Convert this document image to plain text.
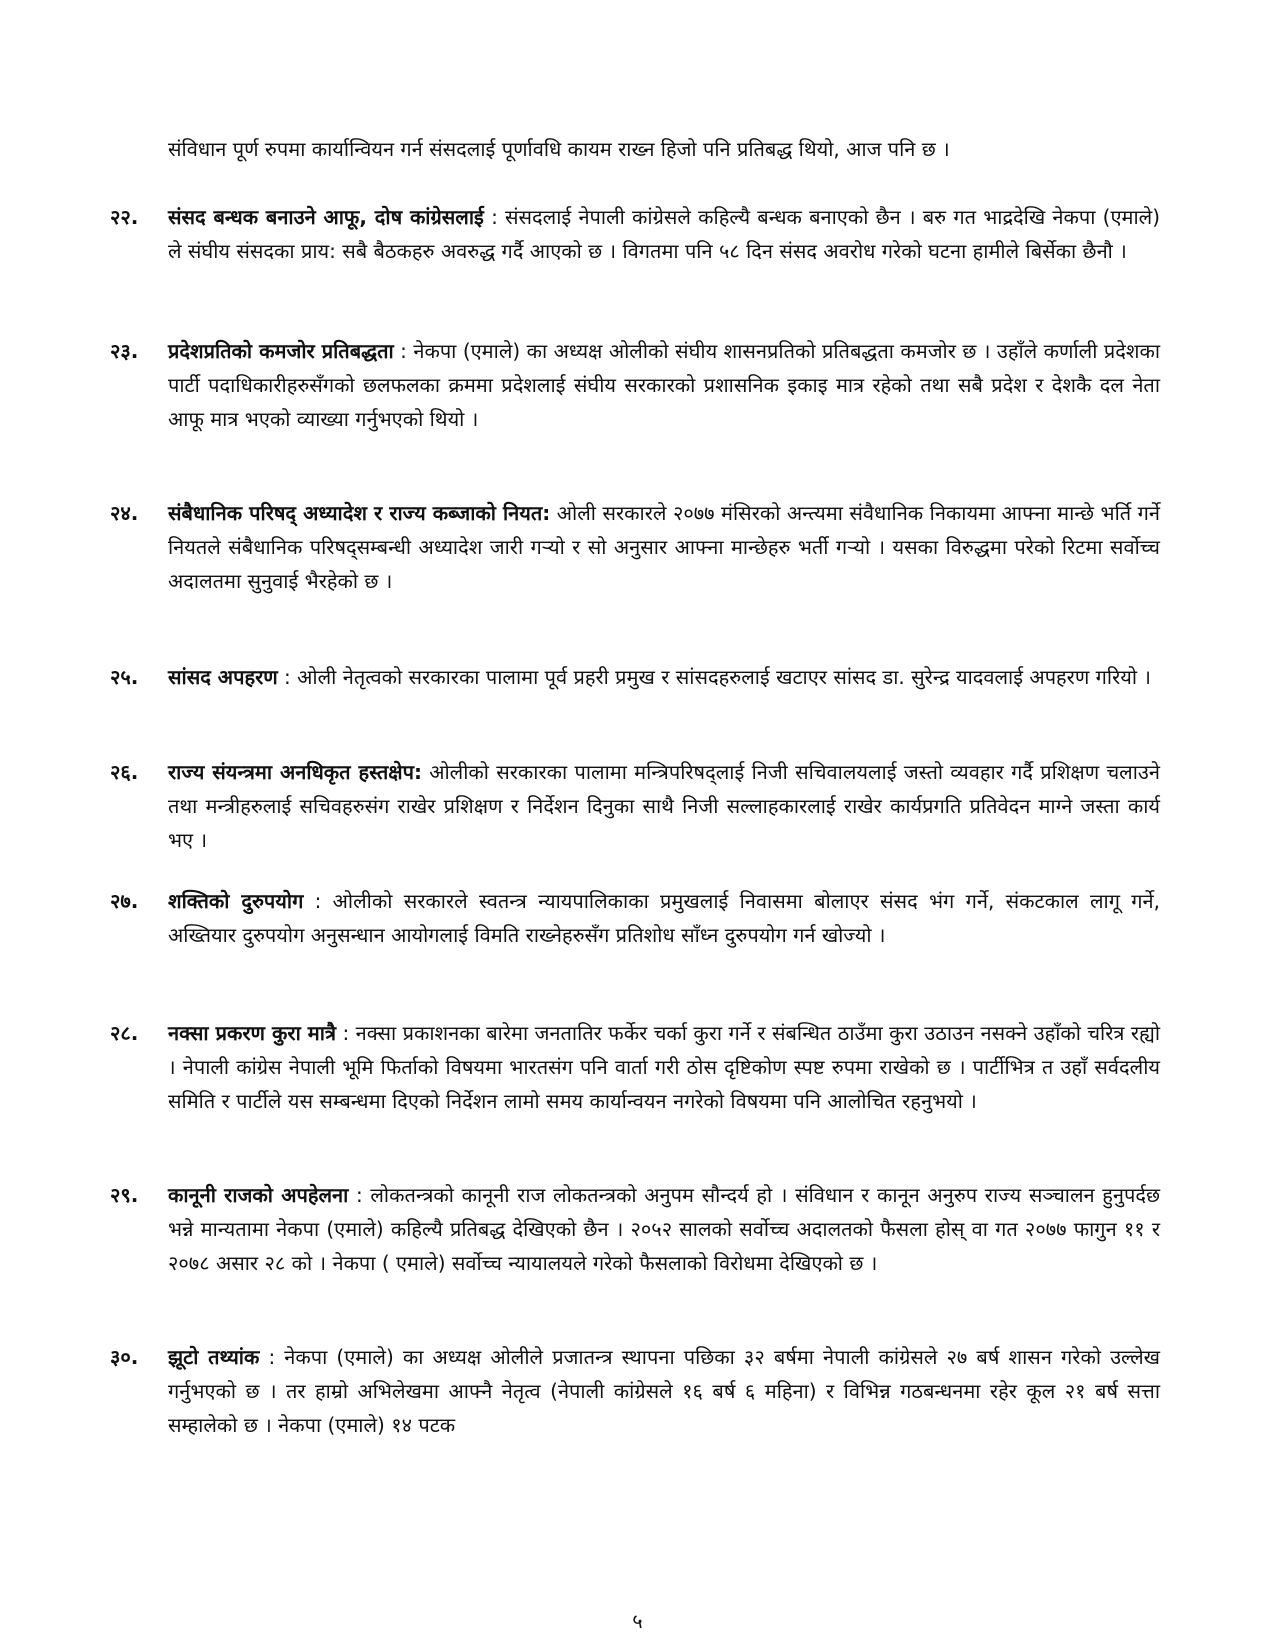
संविधान पूर्ण रुपमा कार्यान्वियन गर्न संसदलाई पूर्णावधि कायम राख्न हिजो पनि प्रतिबद्ध थियो, आज पनि छ ।

२२.	संसद बन्धक बनाउने आफू, दोष कांग्रेसलाई : संसदलाई नेपाली कांग्रेसले कहिल्यै बन्धक बनाएको छैन । बरु गत भाद्रदेखि नेकपा (एमाले) ले संघीय संसदका प्राय: सबै बैठकहरु अवरुद्ध गर्दै आएको छ । विगतमा पनि ५८ दिन संसद अवरोध गरेको घटना हामीले बिर्सेका छैनौ ।
२३.	प्रदेशप्रतिको कमजोर प्रतिबद्धता : नेकपा (एमाले) का अध्यक्ष ओलीको संघीय शासनप्रतिको प्रतिबद्धता कमजोर छ । उहाँले कर्णाली प्रदेशका पार्टी पदाधिकारीहरुसँगको छलफलका क्रममा प्रदेशलाई संघीय सरकारको प्रशासनिक इकाइ मात्र रहेको तथा सबै प्रदेश र देशकै दल नेता आफू मात्र भएको व्याख्या गर्नुभएको थियो ।
२४.	संबैधानिक परिषद् अध्यादेश र राज्य कब्जाको नियत: ओली सरकारले २०७७ मंसिरको अन्त्यमा संवैधानिक निकायमा आफ्ना मान्छे भर्ति गर्ने नियतले संबैधानिक परिषद्सम्बन्धी अध्यादेश जारी गऱ्यो र सो अनुसार आफ्ना मान्छेहरु भर्ती गऱ्यो । यसका विरुद्धमा परेको रिटमा सर्वोच्च अदालतमा सुनुवाई भैरहेको छ ।
२५.	सांसद अपहरण : ओली नेतृत्वको सरकारका पालामा पूर्व प्रहरी प्रमुख र सांसदहरुलाई खटाएर सांसद डा. सुरेन्द्र यादवलाई अपहरण गरियो ।
२६.	राज्य संयन्त्रमा अनधिकृत हस्तक्षेप: ओलीको सरकारका पालामा मन्त्रिपरिषद्लाई निजी सचिवालयलाई जस्तो व्यवहार गर्दै प्रशिक्षण चलाउने तथा मन्त्रीहरुलाई सचिवहरुसंग राखेर प्रशिक्षण र निर्देशन दिनुका साथै निजी सल्लाहकारलाई राखेर कार्यप्रगति प्रतिवेदन माग्ने जस्ता कार्य भए ।
२७.	शक्तिको दुरुपयोग : ओलीको सरकारले स्वतन्त्र न्यायपालिकाका प्रमुखलाई निवासमा बोलाएर संसद भंग गर्ने, संकटकाल लागू गर्ने, अख्तियार दुरुपयोग अनुसन्धान आयोगलाई विमति राख्नेहरुसँग प्रतिशोध साँध्न दुरुपयोग गर्न खोज्यो ।
२८.	नक्सा प्रकरण कुरा मात्रै : नक्सा प्रकाशनका बारेमा जनतातिर फर्केर चर्का कुरा गर्ने र संबन्धित ठाउँमा कुरा उठाउन नसक्ने उहाँको चरित्र रह्यो । नेपाली कांग्रेस नेपाली भूमि फिर्ताको विषयमा भारतसंग पनि वार्ता गरी ठोस दृष्टिकोण स्पष्ट रुपमा राखेको छ । पार्टीभित्र त उहाँ सर्वदलीय समिति र पार्टीले यस सम्बन्धमा दिएको निर्देशन लामो समय कार्यान्वयन नगरेको विषयमा पनि आलोचित रहनुभयो ।
२९.	कानूनी राजको अपहेलना : लोकतन्त्रको कानूनी राज लोकतन्त्रको अनुपम सौन्दर्य हो । संविधान र कानून अनुरुप राज्य सञ्चालन हुनुपर्दछ भन्ने मान्यतामा नेकपा (एमाले) कहिल्यै प्रतिबद्ध देखिएको छैन । २०५२ सालको सर्वोच्च अदालतको फैसला होस् वा गत २०७७ फागुन ११ र २०७८ असार २८ को । नेकपा ( एमाले) सर्वोच्च न्यायालयले गरेको फैसलाको विरोधमा देखिएको छ ।
३०.	झूटो तथ्यांक : नेकपा (एमाले) का अध्यक्ष ओलीले प्रजातन्त्र स्थापना पछिका ३२ बर्षमा नेपाली कांग्रेसले २७ बर्ष शासन गरेको उल्लेख गर्नुभएको छ । तर हाम्रो अभिलेखमा आफ्नै नेतृत्व (नेपाली कांग्रेसले १६ बर्ष ६ महिना) र विभिन्न गठबन्धनमा रहेर कूल २१ बर्ष सत्ता सम्हालेको छ । नेकपा (एमाले) १४ पटक
५
